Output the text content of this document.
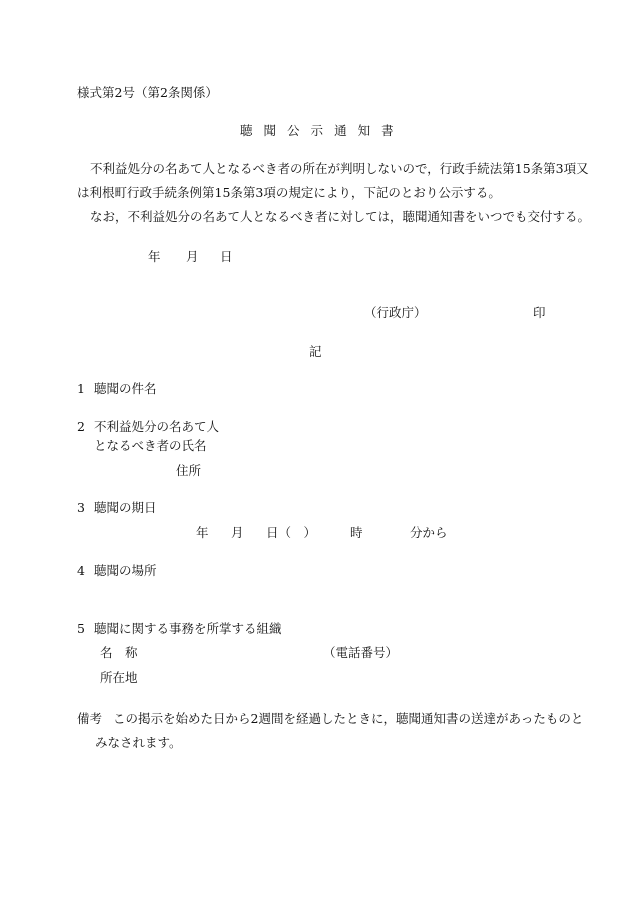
様式第2号（第2条関係）
聴 聞 公 示 通 知 書
不利益処分の名あて人となるべき者の所在が判明しないので，行政手続法第15条第3項又
は利根町行政手続条例第15条第3項の規定により，下記のとおり公示する。
なお，不利益処分の名あて人となるべき者に対しては，聴聞通知書をいつでも交付する。
年 月 日
（行政庁）	印
記
1 聴聞の件名
2 不利益処分の名あて人
となるべき者の氏名
住所
3 聴聞の期日
年 月 日（　）	時	分から
4 聴聞の場所
5 聴聞に関する事務を所掌する組織
名　称	（電話番号）
所在地
備考 この掲示を始めた日から2週間を経過したときに，聴聞通知書の送達があったものと
みなされます。
